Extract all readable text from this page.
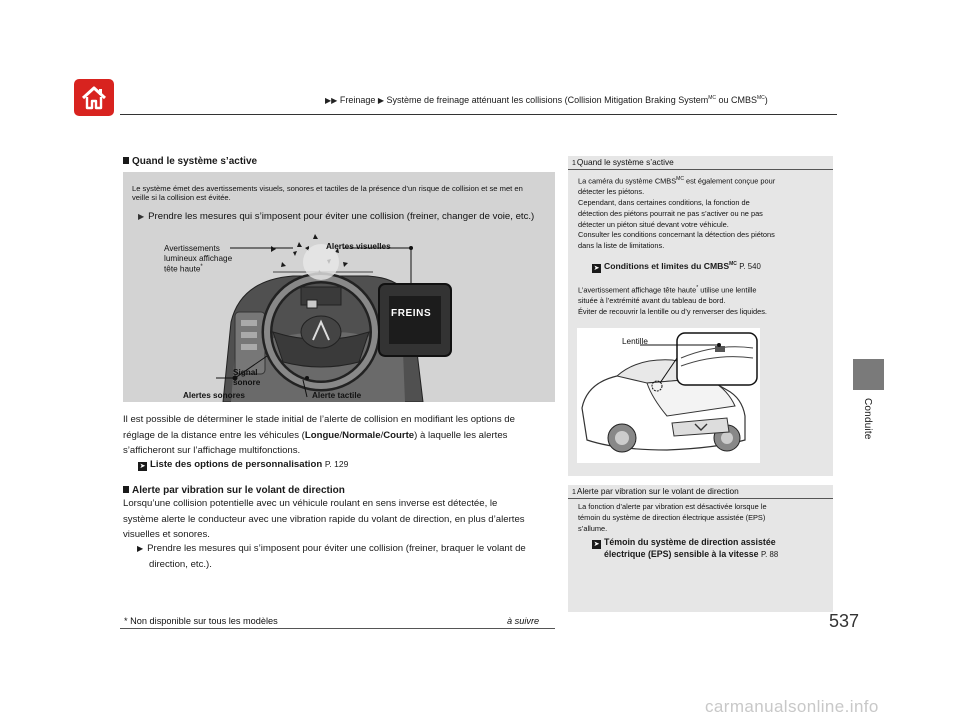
▶▶ Freinage ▶ Système de freinage atténuant les collisions (Collision Mitigation Braking System$^{MC}$ ou $CMBS^{MC}$)
Conduite
Quand le système s’active
Le système émet des avertissements visuels, sonores et tactiles de la présence d’un risque de collision et se met en veille si la collision est évitée.
▶ Prendre les mesures qui s’imposent pour éviter une collision (freiner, changer de voie, etc.)
Avertissements
lumineux affichage
tête haute*
Alertes visuelles
FREINS
Signal
sonore
Alertes sonores	Alerte tactile
Il est possible de déterminer le stade initial de l’alerte de collision en modifiant les options de
réglage de la distance entre les véhicules (Longue/Normale/Courte) à laquelle les alertes
s’afficheront sur l’affichage multifonctions.
➤ Liste des options de personnalisation P. 129
Alerte par vibration sur le volant de direction
Lorsqu’une collision potentielle avec un véhicule roulant en sens inverse est détectée, le
système alerte le conducteur avec une vibration rapide du volant de direction, en plus d’alertes
visuelles et sonores.
▶ Prendre les mesures qui s’imposent pour éviter une collision (freiner, braquer le volant de
direction, etc.).
1Quand le système s’active
La caméra du système $CMBS^{MC}$ est également conçue pour
détecter les piétons.
Cependant, dans certaines conditions, la fonction de
détection des piétons pourrait ne pas s’activer ou ne pas
détecter un piéton situé devant votre véhicule.
Consulter les conditions concernant la détection des piétons
dans la liste de limitations.
➤ Conditions et limites du $CMBS^{MC}$ P. 540
L’avertissement affichage tête haute* utilise une lentille
située à l’extrémité avant du tableau de bord.
Éviter de recouvrir la lentille ou d’y renverser des liquides.
Lentille
1Alerte par vibration sur le volant de direction
La fonction d’alerte par vibration est désactivée lorsque le
témoin du système de direction électrique assistée (EPS)
s’allume.
➤ Témoin du système de direction assistée
électrique (EPS) sensible à la vitesse P. 88
* Non disponible sur tous les modèles	à suivre	537
carmanualsonline.info
